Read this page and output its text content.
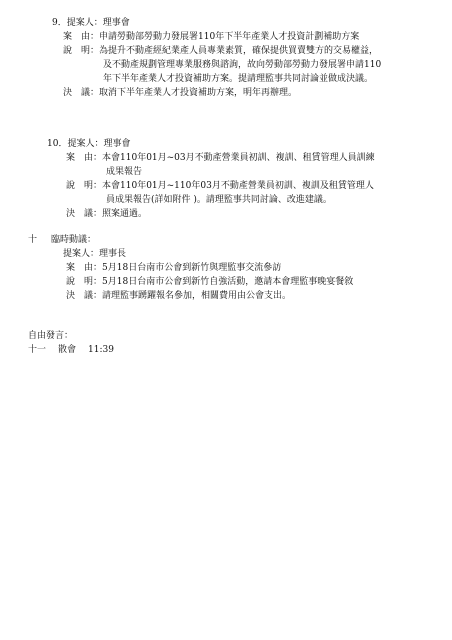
9．提案人：理事會
案　由：申請勞動部勞動力發展署110年下半年產業人才投資計劃補助方案
說　明：為提升不動產經紀業產人員專業素質，確保提供買賣雙方的交易權益，
及不動產規劃管理專業服務與諮詢，故向勞動部勞動力發展署申請110
年下半年產業人才投資補助方案。提請理監事共同討論並做成決議。
決　議：取消下半年產業人才投資補助方案，明年再辦理。
10．提案人：理事會
案　由：本會110年01月~03月不動產營業員初訓、複訓、租賃管理人員訓練
成果報告
說　明：本會110年01月~110年03月不動產營業員初訓、複訓及租賃管理人
員成果報告(詳如附件 )。請理監事共同討論、改進建議。
決　議：照案通過。
十 臨時動議：
提案人：理事長
案　由：5月18日台南市公會到新竹與理監事交流參訪
說　明：5月18日台南市公會到新竹自強活動，邀請本會理監事晚宴餐敘
決　議：請理監事踴躍報名參加，相關費用由公會支出。
自由發言：
十一 散會 11:39
